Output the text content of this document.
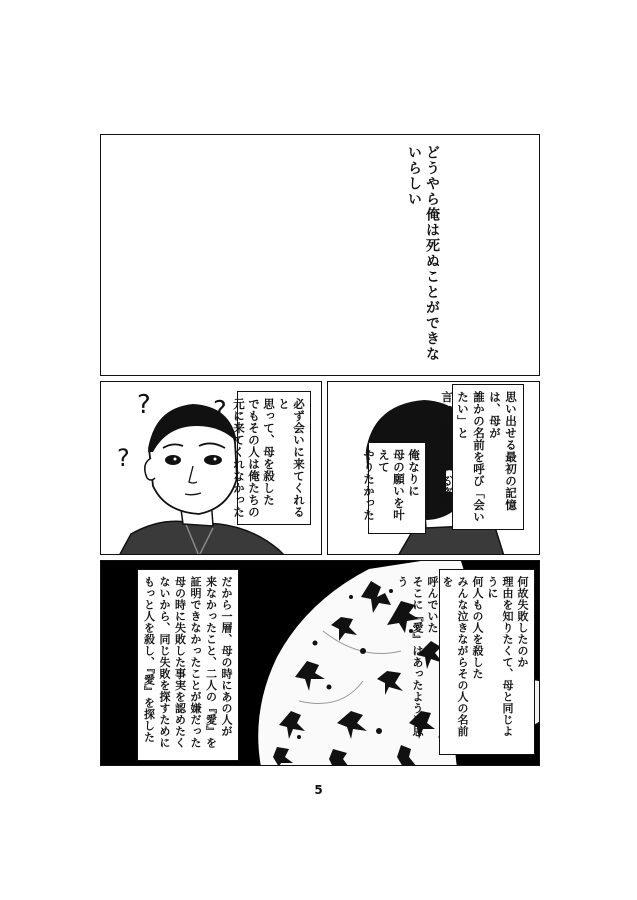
どうやら俺は死ぬことができないらしい
? ?
?	必ず会いに来てくれると
思って、母を殺した
でもその人は俺たちの
元に来てくれなかった	思い出せる最初の記憶は、母が
誰かの名前を呼び「会いたい」と
言って泣いている姿だ
俺なりに
母の願いを叶えて
やりたかった
何故失敗したのか
理由を知りたくて、母と同じように
何人もの人を殺した
みんな泣きながらその人の名前を
呼んでいた
そこに『愛』はあったように思う
だから一層、母の時にあの人が
来なかったこと、二人の『愛』を
証明できなかったことが嫌だった
母の時に失敗した事実を認めたく
ないから、同じ失敗を探すために
もっと人を殺し、『愛』を探した
5
